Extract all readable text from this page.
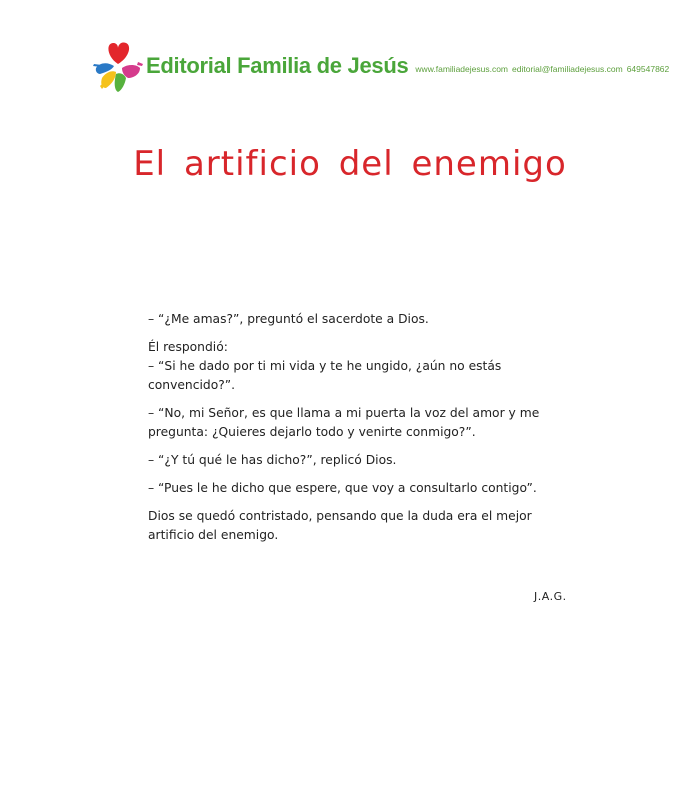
Editorial Familia de Jesús www.familiadejesus.com editorial@familiadejesus.com 649547862
El artificio del enemigo

– “¿Me amas?”, preguntó el sacerdote a Dios.

Él respondió:

– “Si he dado por ti mi vida y te he ungido, ¿aún no estás convencido?”.

– “No, mi Señor, es que llama a mi puerta la voz del amor y me pregunta: ¿Quieres dejarlo todo y venirte conmigo?”.

– “¿Y tú qué le has dicho?”, replicó Dios.

– “Pues le he dicho que espere, que voy a consultarlo contigo”.

Dios se quedó contristado, pensando que la duda era el mejor artificio del enemigo.

J.A.G.
